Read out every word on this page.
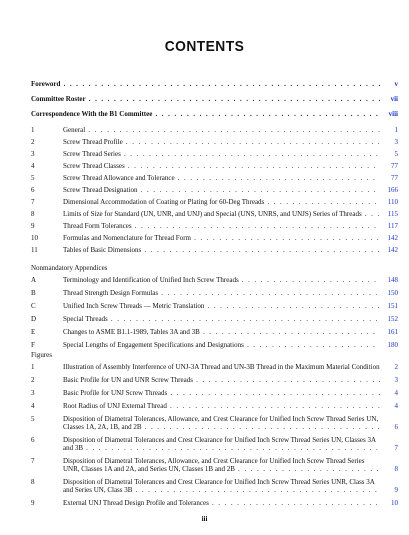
CONTENTS
Foreword . . . . . . . . . . . . . . . . . . . . . . . . . . . . . . . . . . . . . . . . . . . . . . . . . . . v
Committee Roster . . . . . . . . . . . . . . . . . . . . . . . . . . . . . . . . . . . . . . . . . . . . . . . vii
Correspondence With the B1 Committee . . . . . . . . . . . . . . . . . . . . . . . . . . . . . . . . . . . .	viii
1	General . . . . . . . . . . . . . . . . . . . . . . . . . . . . . . . . . . . . . . . . . . . . . . . 1
2	Screw Thread Profile . . . . . . . . . . . . . . . . . . . . . . . . . . . . . . . . . . . . . . . . . 3
3	Screw Thread Series . . . . . . . . . . . . . . . . . . . . . . . . . . . . . . . . . . . . . . . . .	5
4	Screw Thread Classes . . . . . . . . . . . . . . . . . . . . . . . . . . . . . . . . . . . . . . . .	77
5	Screw Thread Allowance and Tolerance . . . . . . . . . . . . . . . . . . . . . . . . . . . . . . . .	77
6	Screw Thread Designation . . . . . . . . . . . . . . . . . . . . . . . . . . . . . . . . . . . . . .	166
7	Dimensional Accommodation of Coating or Plating for 60-Deg Threads . . . . . . . . . . . . . . . . . .	110
8	Limits of Size for Standard (UN, UNR, and UNJ) and Special (UNS, UNRS, and UNJS) Series of Threads . . . 115
9	Thread Form Tolerances . . . . . . . . . . . . . . . . . . . . . . . . . . . . . . . . . . . . . . .	117
10	Formulas and Nomenclature for Thread Form . . . . . . . . . . . . . . . . . . . . . . . . . . . . . . 142
11	Tables of Basic Dimensions . . . . . . . . . . . . . . . . . . . . . . . . . . . . . . . . . . . . . . 142

Nonmandatory Appendices

A	Terminology and Identification of Unified Inch Screw Threads . . . . . . . . . . . . . . . . . . . . . .	148
B	Thread Strength Design Formulas . . . . . . . . . . . . . . . . . . . . . . . . . . . . . . . . . . .	150
C	Unified Inch Screw Threads — Metric Translation . . . . . . . . . . . . . . . . . . . . . . . . . . . . 151
D	Special Threads . . . . . . . . . . . . . . . . . . . . . . . . . . . . . . . . . . . . . . . . . . .	152
E	Changes to ASME B1.1-1989, Tables 3A and 3B . . . . . . . . . . . . . . . . . . . . . . . . . . . .	161
F	Special Lengths of Engagement Specifications and Designations . . . . . . . . . . . . . . . . . . . . .	180

Figures

1	Illustration of Assembly Interference of UNJ-3A Thread and UN-3B Thread in the Maximum Material Condition	2
2	Basic Profile for UN and UNR Screw Threads . . . . . . . . . . . . . . . . . . . . . . . . . . . . . . 3
3	Basic Profile for UNJ Screw Threads . . . . . . . . . . . . . . . . . . . . . . . . . . . . . . . . . . 4
4	Root Radius of UNJ External Thread . . . . . . . . . . . . . . . . . . . . . . . . . . . . . . . . . . 4
5	Disposition of Diametral Tolerances, Allowance, and Crest Clearance for Unified Inch Screw Thread Series UN, Classes 1A, 2A, 1B, and 2B . . . . . . . . . . . . . . . . . . . . . . . . . . . . . . . . . . . . . . 6
6	Disposition of Diametral Tolerances and Crest Clearance for Unified Inch Screw Thread Series UN, Classes 3A and 3B . . . . . . . . . . . . . . . . . . . . . . . . . . . . . . . . . . . . . . . . . . . . . . .	7
7	Disposition of Diametral Tolerances, Allowance, and Crest Clearance for Unified Inch Screw Thread Series UNR, Classes 1A and 2A, and Series UN, Classes 1B and 2B . . . . . . . . . . . . . . . . . . . . . . .	8
8	Disposition of Diametral Tolerances and Crest Clearance for Unified Inch Screw Thread Series UNR, Class 3A and Series UN, Class 3B . . . . . . . . . . . . . . . . . . . . . . . . . . . . . . . . . . . . . . .	9
9	External UNJ Thread Design Profile and Tolerances . . . . . . . . . . . . . . . . . . . . . . . . . . .	10
iii
